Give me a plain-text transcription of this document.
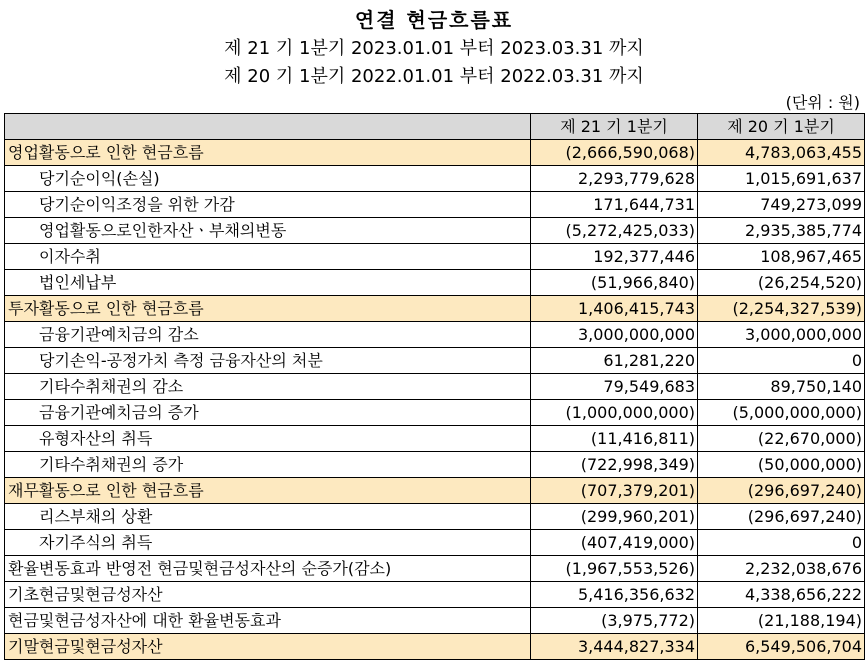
연결 현금흐름표
제 21 기 1분기 2023.01.01 부터 2023.03.31 까지
제 20 기 1분기 2022.01.01 부터 2022.03.31 까지
(단위 : 원)
	제 21 기 1분기	제 20 기 1분기
영업활동으로 인한 현금흐름	(2,666,590,068)	4,783,063,455
당기순이익(손실)	2,293,779,628	1,015,691,637
당기순이익조정을 위한 가감	171,644,731	749,273,099
영업활동으로인한자산ㆍ부채의변동	(5,272,425,033)	2,935,385,774
이자수취	192,377,446	108,967,465
법인세납부	(51,966,840)	(26,254,520)
투자활동으로 인한 현금흐름	1,406,415,743	(2,254,327,539)
금융기관예치금의 감소	3,000,000,000	3,000,000,000
당기손익-공정가치 측정 금융자산의 처분	61,281,220	0
기타수취채권의 감소	79,549,683	89,750,140
금융기관예치금의 증가	(1,000,000,000)	(5,000,000,000)
유형자산의 취득	(11,416,811)	(22,670,000)
기타수취채권의 증가	(722,998,349)	(50,000,000)
재무활동으로 인한 현금흐름	(707,379,201)	(296,697,240)
리스부채의 상환	(299,960,201)	(296,697,240)
자기주식의 취득	(407,419,000)	0
환율변동효과 반영전 현금및현금성자산의 순증가(감소)	(1,967,553,526)	2,232,038,676
기초현금및현금성자산	5,416,356,632	4,338,656,222
현금및현금성자산에 대한 환율변동효과	(3,975,772)	(21,188,194)
기말현금및현금성자산	3,444,827,334	6,549,506,704
